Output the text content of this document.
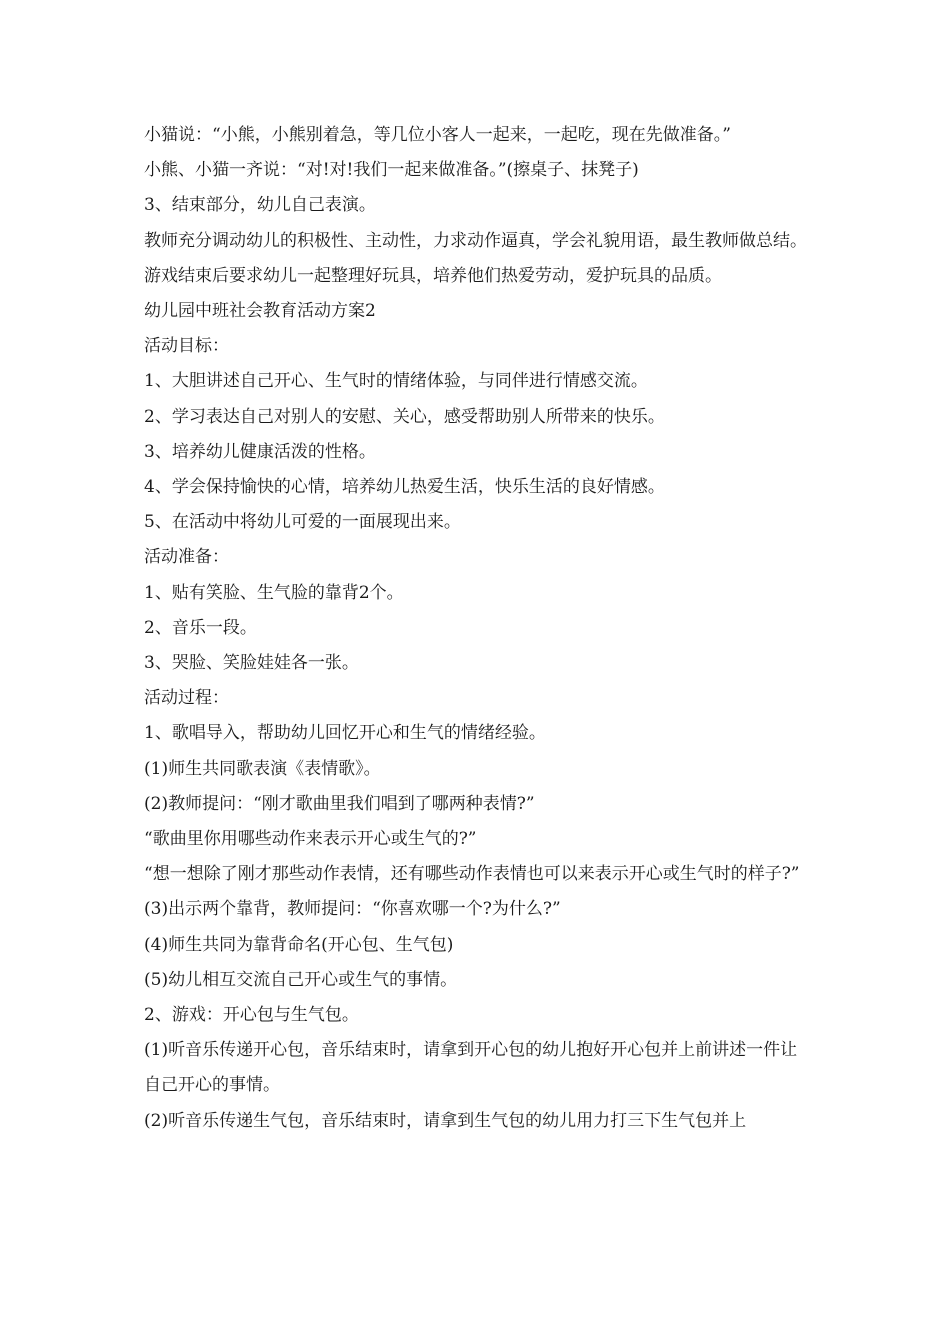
小猫说：“小熊，小熊别着急，等几位小客人一起来，一起吃，现在先做准备。”

小熊、小猫一齐说：“对!对!我们一起来做准备。”(擦桌子、抹凳子)

3、结束部分，幼儿自己表演。

教师充分调动幼儿的积极性、主动性，力求动作逼真，学会礼貌用语，最生教师做总结。游戏结束后要求幼儿一起整理好玩具，培养他们热爱劳动，爱护玩具的品质。

幼儿园中班社会教育活动方案2

活动目标：

1、大胆讲述自己开心、生气时的情绪体验，与同伴进行情感交流。

2、学习表达自己对别人的安慰、关心，感受帮助别人所带来的快乐。

3、培养幼儿健康活泼的性格。

4、学会保持愉快的心情，培养幼儿热爱生活，快乐生活的良好情感。

5、在活动中将幼儿可爱的一面展现出来。

活动准备：

1、贴有笑脸、生气脸的靠背2个。

2、音乐一段。

3、哭脸、笑脸娃娃各一张。

活动过程：

1、歌唱导入，帮助幼儿回忆开心和生气的情绪经验。

(1)师生共同歌表演《表情歌》。

(2)教师提问：“刚才歌曲里我们唱到了哪两种表情?”

“歌曲里你用哪些动作来表示开心或生气的?”

“想一想除了刚才那些动作表情，还有哪些动作表情也可以来表示开心或生气时的样子?”

(3)出示两个靠背，教师提问：“你喜欢哪一个?为什么?”

(4)师生共同为靠背命名(开心包、生气包)

(5)幼儿相互交流自己开心或生气的事情。

2、游戏：开心包与生气包。

(1)听音乐传递开心包，音乐结束时，请拿到开心包的幼儿抱好开心包并上前讲述一件让自己开心的事情。

(2)听音乐传递生气包，音乐结束时，请拿到生气包的幼儿用力打三下生气包并上
